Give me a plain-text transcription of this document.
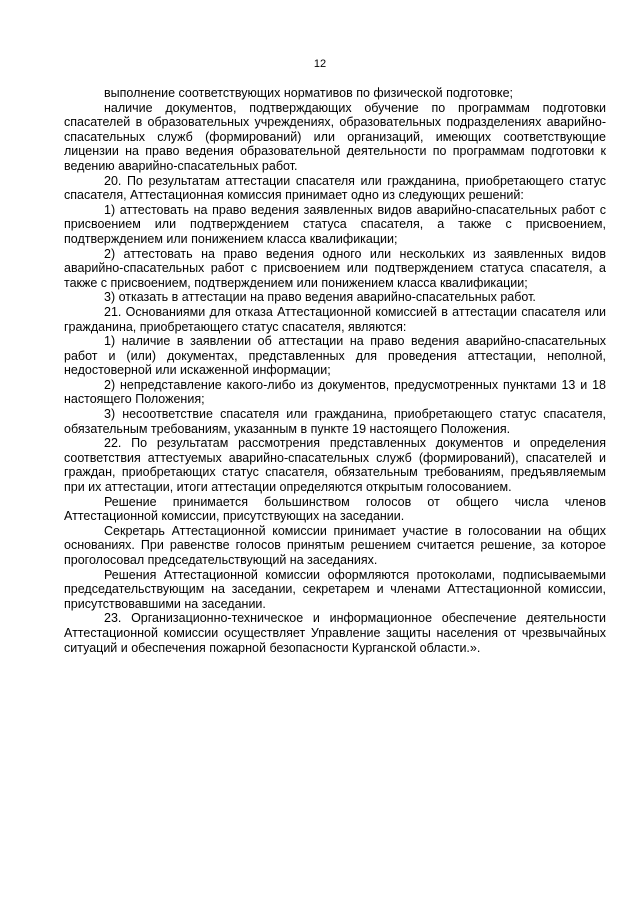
12

выполнение соответствующих нормативов по физической подготовке;

наличие документов, подтверждающих обучение по программам подготовки спасателей в образовательных учреждениях, образовательных подразделениях аварийно-спасательных служб (формирований) или организаций, имеющих соответствующие лицензии на право ведения образовательной деятельности по программам подготовки к ведению аварийно-спасательных работ.

20. По результатам аттестации спасателя или гражданина, приобретающего статус спасателя, Аттестационная комиссия принимает одно из следующих решений:

1) аттестовать на право ведения заявленных видов аварийно-спасательных работ с присвоением или подтверждением статуса спасателя, а также с присвоением, подтверждением или понижением класса квалификации;

2) аттестовать на право ведения одного или нескольких из заявленных видов аварийно-спасательных работ с присвоением или подтверждением статуса спасателя, а также с присвоением, подтверждением или понижением класса квалификации;

3) отказать в аттестации на право ведения аварийно-спасательных работ.

21. Основаниями для отказа Аттестационной комиссией в аттестации спасателя или гражданина, приобретающего статус спасателя, являются:

1) наличие в заявлении об аттестации на право ведения аварийно-спасательных работ и (или) документах, представленных для проведения аттестации, неполной, недостоверной или искаженной информации;

2) непредставление какого-либо из документов, предусмотренных пунктами 13 и 18 настоящего Положения;

3) несоответствие спасателя или гражданина, приобретающего статус спасателя, обязательным требованиям, указанным в пункте 19 настоящего Положения.

22. По результатам рассмотрения представленных документов и определения соответствия аттестуемых аварийно-спасательных служб (формирований), спасателей и граждан, приобретающих статус спасателя, обязательным требованиям, предъявляемым при их аттестации, итоги аттестации определяются открытым голосованием.

Решение принимается большинством голосов от общего числа членов Аттестационной комиссии, присутствующих на заседании.

Секретарь Аттестационной комиссии принимает участие в голосовании на общих основаниях. При равенстве голосов принятым решением считается решение, за которое проголосовал председательствующий на заседаниях.

Решения Аттестационной комиссии оформляются протоколами, подписываемыми председательствующим на заседании, секретарем и членами Аттестационной комиссии, присутствовавшими на заседании.

23. Организационно-техническое и информационное обеспечение деятельности Аттестационной комиссии осуществляет Управление защиты населения от чрезвычайных ситуаций и обеспечения пожарной безопасности Курганской области.».
